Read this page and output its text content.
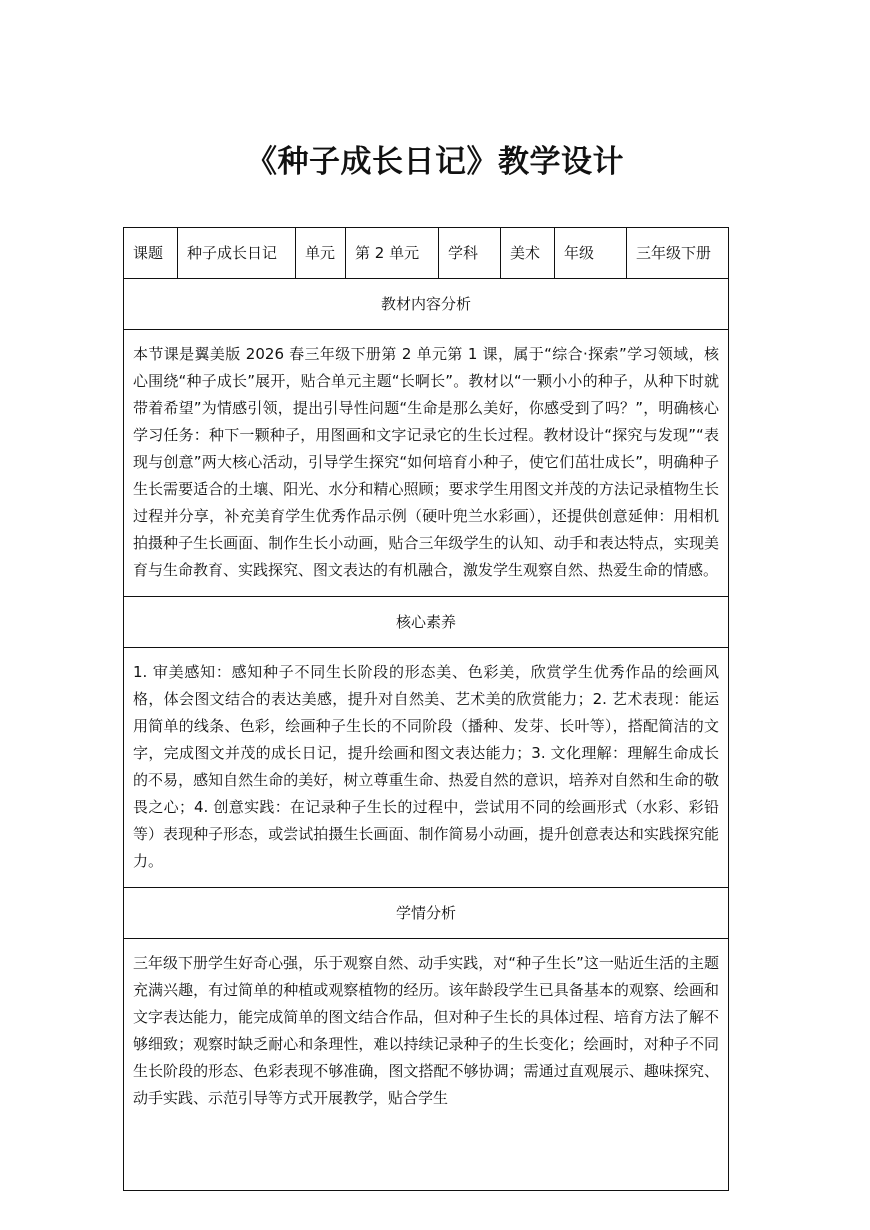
《种子成长日记》教学设计
课题	种子成长日记	单元	第 2 单元	学科	美术	年级	三年级下册
教材内容分析
本节课是翼美版 2026 春三年级下册第 2 单元第 1 课，属于“综合·探索”学习领域，核心围绕“种子成长”展开，贴合单元主题“长啊长”。教材以“一颗小小的种子，从种下时就带着希望”为情感引领，提出引导性问题“生命是那么美好，你感受到了吗？”，明确核心学习任务：种下一颗种子，用图画和文字记录它的生长过程。教材设计“探究与发现”“表现与创意”两大核心活动，引导学生探究“如何培育小种子，使它们茁壮成长”，明确种子生长需要适合的土壤、阳光、水分和精心照顾；要求学生用图文并茂的方法记录植物生长过程并分享，补充美育学生优秀作品示例（硬叶兜兰水彩画），还提供创意延伸：用相机拍摄种子生长画面、制作生长小动画，贴合三年级学生的认知、动手和表达特点，实现美育与生命教育、实践探究、图文表达的有机融合，激发学生观察自然、热爱生命的情感。
核心素养
1. 审美感知：感知种子不同生长阶段的形态美、色彩美，欣赏学生优秀作品的绘画风格，体会图文结合的表达美感，提升对自然美、艺术美的欣赏能力；2. 艺术表现：能运用简单的线条、色彩，绘画种子生长的不同阶段（播种、发芽、长叶等），搭配简洁的文字，完成图文并茂的成长日记，提升绘画和图文表达能力；3. 文化理解：理解生命成长的不易，感知自然生命的美好，树立尊重生命、热爱自然的意识，培养对自然和生命的敬畏之心；4. 创意实践：在记录种子生长的过程中，尝试用不同的绘画形式（水彩、彩铅等）表现种子形态，或尝试拍摄生长画面、制作简易小动画，提升创意表达和实践探究能力。
学情分析
三年级下册学生好奇心强，乐于观察自然、动手实践，对“种子生长”这一贴近生活的主题充满兴趣，有过简单的种植或观察植物的经历。该年龄段学生已具备基本的观察、绘画和文字表达能力，能完成简单的图文结合作品，但对种子生长的具体过程、培育方法了解不够细致；观察时缺乏耐心和条理性，难以持续记录种子的生长变化；绘画时，对种子不同生长阶段的形态、色彩表现不够准确，图文搭配不够协调；需通过直观展示、趣味探究、动手实践、示范引导等方式开展教学，贴合学生
